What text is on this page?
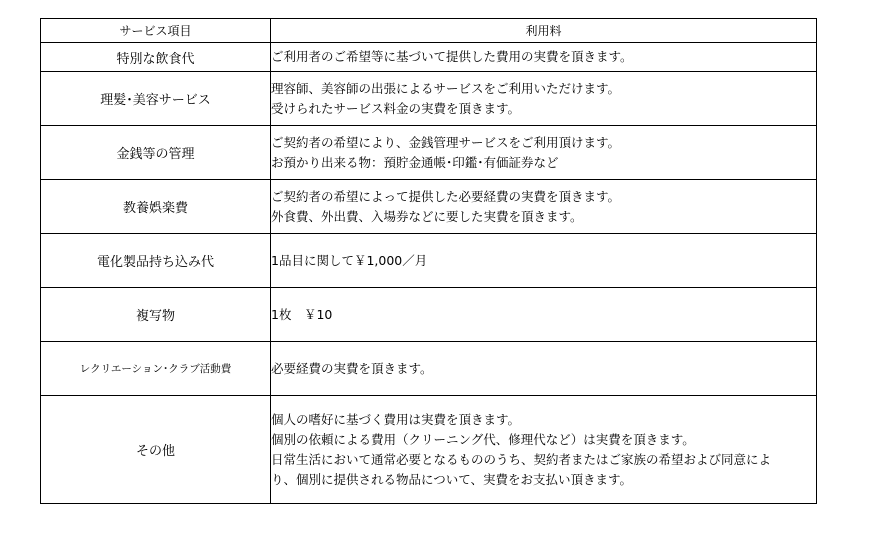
サービス項目	利用料
特別な飲食代	ご利用者のご希望等に基づいて提供した費用の実費を頂きます。

理髪･美容サービス	理容師、美容師の出張によるサービスをご利用いただけます。
受けられたサービス料金の実費を頂きます。

金銭等の管理	ご契約者の希望により、金銭管理サービスをご利用頂けます。
お預かり出来る物：預貯金通帳･印鑑･有価証券など

教養娯楽費	ご契約者の希望によって提供した必要経費の実費を頂きます。
外食費、外出費、入場券などに要した実費を頂きます。

電化製品持ち込み代	1品目に関して￥1,000／月

複写物	1枚　￥10

レクリエーション･クラブ活動費	必要経費の実費を頂きます。

その他	個人の嗜好に基づく費用は実費を頂きます。
個別の依頼による費用（クリーニング代、修理代など）は実費を頂きます。
日常生活において通常必要となるもののうち、契約者またはご家族の希望および同意によ
り、個別に提供される物品について、実費をお支払い頂きます。
